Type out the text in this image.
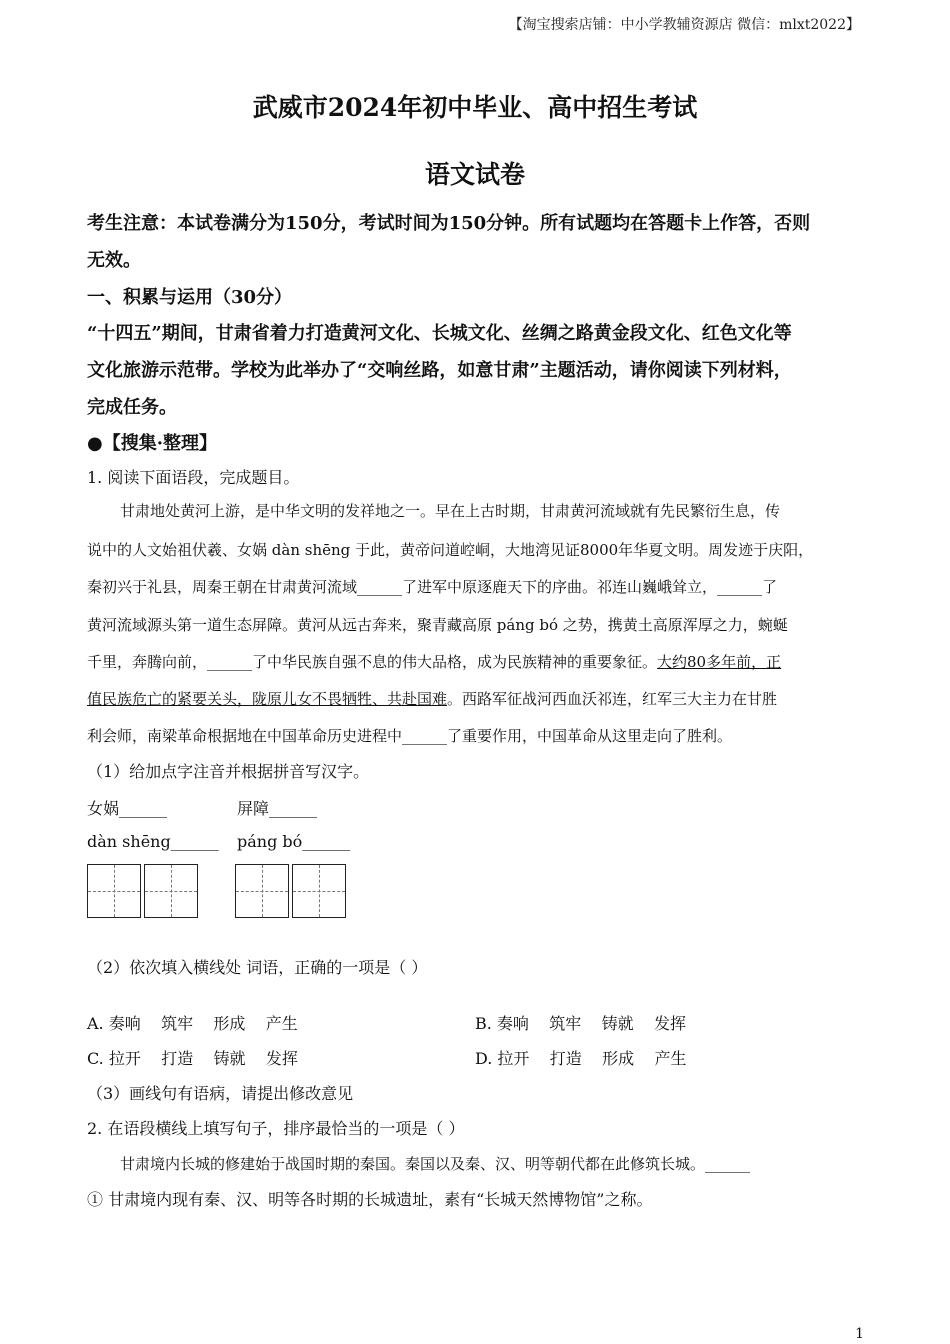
【淘宝搜索店铺：中小学教辅资源店 微信：mlxt2022】
武威市2024年初中毕业、高中招生考试
语文试卷
考生注意：本试卷满分为150分，考试时间为150分钟。所有试题均在答题卡上作答，否则
无效。
一、积累与运用（30分）
“十四五”期间，甘肃省着力打造黄河文化、长城文化、丝绸之路黄金段文化、红色文化等
文化旅游示范带。学校为此举办了“交响丝路，如意甘肃”主题活动，请你阅读下列材料，
完成任务。
●【搜集·整理】
1. 阅读下面语段，完成题目。
甘肃地处黄河上游，是中华文明的发祥地之一。早在上古时期，甘肃黄河流域就有先民繁衍生息，传
说中的人文始祖伏羲、女娲 dàn shēng 于此，黄帝问道崆峒，大地湾见证8000年华夏文明。周发迹于庆阳，
秦初兴于礼县，周秦王朝在甘肃黄河流域______了进军中原逐鹿天下的序曲。祁连山巍峨耸立，______了
黄河流域源头第一道生态屏障。黄河从远古奔来，聚青藏高原 páng bó 之势，携黄土高原浑厚之力，蜿蜒
千里，奔腾向前，______了中华民族自强不息的伟大品格，成为民族精神的重要象征。大约80多年前，正
值民族危亡的紧要关头，陇原儿女不畏牺牲、共赴国难。西路军征战河西血沃祁连，红军三大主力在甘胜
利会师，南梁革命根据地在中国革命历史进程中______了重要作用，中国革命从这里走向了胜利。
（1）给加点字注音并根据拼音写汉字。
女娲______	屏障______
dàn shēng______ páng bó______
（2）依次填入横线处 词语，正确的一项是（ ）
A. 奏响    筑牢    形成    产生	B. 奏响    筑牢    铸就    发挥
C. 拉开    打造    铸就    发挥	D. 拉开    打造    形成    产生
（3）画线句有语病，请提出修改意见
2. 在语段横线上填写句子，排序最恰当的一项是（ ）
甘肃境内长城的修建始于战国时期的秦国。秦国以及秦、汉、明等朝代都在此修筑长城。______
① 甘肃境内现有秦、汉、明等各时期的长城遗址，素有“长城天然博物馆”之称。
1
